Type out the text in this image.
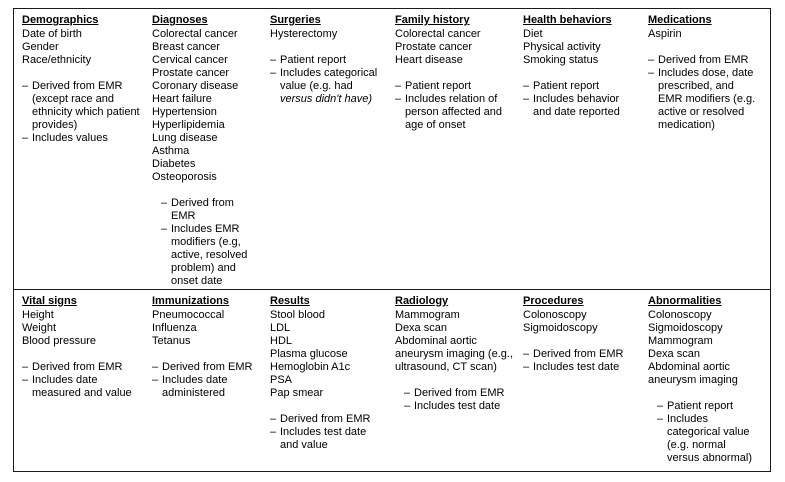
Demographics
Date of birth
Gender
Race/ethnicity
– Derived from EMR (except race and ethnicity which patient provides)
– Includes values
Diagnoses
Colorectal cancer
Breast cancer
Cervical cancer
Prostate cancer
Coronary disease
Heart failure
Hypertension
Hyperlipidemia
Lung disease
Asthma
Diabetes
Osteoporosis
– Derived from EMR
– Includes EMR modifiers (e.g, active, resolved problem) and onset date
Surgeries
Hysterectomy
– Patient report
– Includes categorical value (e.g. had versus didn't have)
Family history
Colorectal cancer
Prostate cancer
Heart disease
– Patient report
– Includes relation of person affected and age of onset
Health behaviors
Diet
Physical activity
Smoking status
– Patient report
– Includes behavior and date reported
Medications
Aspirin
– Derived from EMR
– Includes dose, date prescribed, and EMR modifiers (e.g. active or resolved medication)
Vital signs
Height
Weight
Blood pressure
– Derived from EMR
– Includes date measured and value
Immunizations
Pneumococcal
Influenza
Tetanus
– Derived from EMR
– Includes date administered
Results
Stool blood
LDL
HDL
Plasma glucose
Hemoglobin A1c
PSA
Pap smear
– Derived from EMR
– Includes test date and value
Radiology
Mammogram
Dexa scan
Abdominal aortic aneurysm imaging (e.g., ultrasound, CT scan)
– Derived from EMR
– Includes test date
Procedures
Colonoscopy
Sigmoidoscopy
– Derived from EMR
– Includes test date
Abnormalities
Colonoscopy
Sigmoidoscopy
Mammogram
Dexa scan
Abdominal aortic aneurysm imaging
– Patient report
– Includes categorical value (e.g. normal versus abnormal)
